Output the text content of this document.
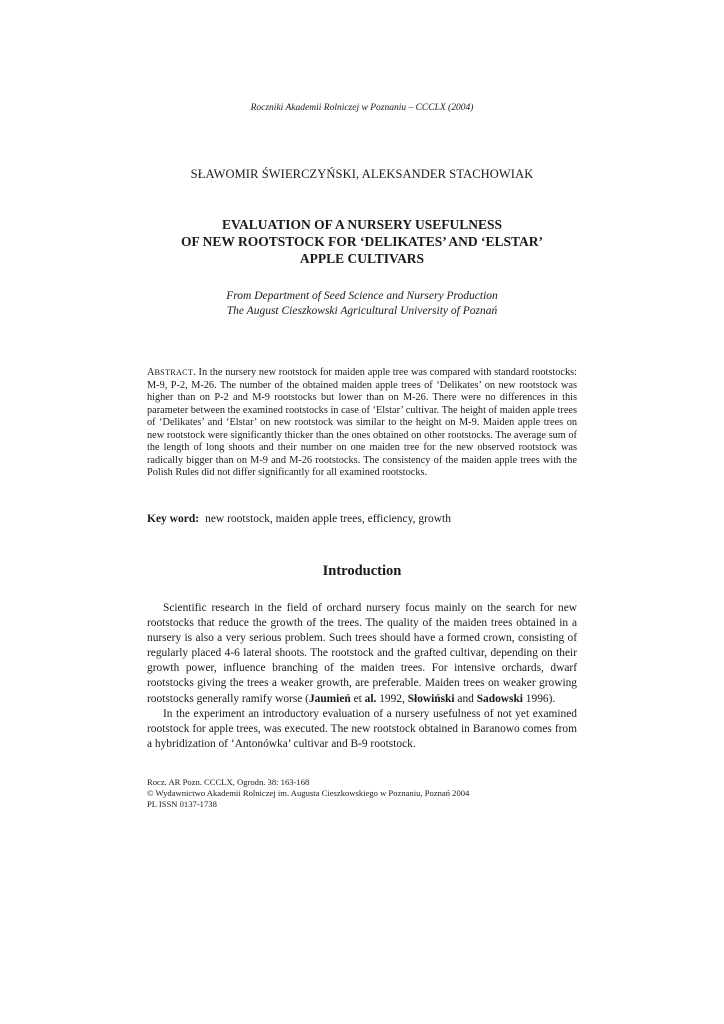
Roczniki Akademii Rolniczej w Poznaniu – CCCLX (2004)
SŁAWOMIR ŚWIERCZYŃSKI, ALEKSANDER STACHOWIAK
EVALUATION OF A NURSERY USEFULNESS
OF NEW ROOTSTOCK FOR ‘DELIKATES’ AND ‘ELSTAR’
APPLE CULTIVARS
From Department of Seed Science and Nursery Production
The August Cieszkowski Agricultural University of Poznań
ABSTRACT. In the nursery new rootstock for maiden apple tree was compared with standard rootstocks: M-9, P-2, M-26. The number of the obtained maiden apple trees of ‘Delikates’ on new rootstock was higher than on P-2 and M-9 rootstocks but lower than on M-26. There were no differences in this parameter between the examined rootstocks in case of ‘Elstar’ cultivar. The height of maiden apple trees of ‘Delikates’ and ‘Elstar’ on new rootstock was similar to the height on M-9. Maiden apple trees on new rootstock were significantly thicker than the ones obtained on other rootstocks. The average sum of the length of long shoots and their number on one maiden tree for the new observed rootstock was radically bigger than on M-9 and M-26 rootstocks. The consistency of the maiden apple trees with the Polish Rules did not differ significantly for all examined rootstocks.
Key word: new rootstock, maiden apple trees, efficiency, growth
Introduction

Scientific research in the field of orchard nursery focus mainly on the search for new rootstocks that reduce the growth of the trees. The quality of the maiden trees obtained in a nursery is also a very serious problem. Such trees should have a formed crown, consisting of regularly placed 4-6 lateral shoots. The rootstock and the grafted cultivar, depending on their growth power, influence branching of the maiden trees. For intensive orchards, dwarf rootstocks giving the trees a weaker growth, are preferable. Maiden trees on weaker growing rootstocks generally ramify worse (Jaumień et al. 1992, Słowiński and Sadowski 1996).

In the experiment an introductory evaluation of a nursery usefulness of not yet examined rootstock for apple trees, was executed. The new rootstock obtained in Baranowo comes from a hybridization of ‘Antonówka’ cultivar and B-9 rootstock.

Rocz. AR Pozn. CCCLX, Ogrodn. 38: 163-168
© Wydawnictwo Akademii Rolniczej im. Augusta Cieszkowskiego w Poznaniu, Poznań 2004
PL ISSN 0137-1738
